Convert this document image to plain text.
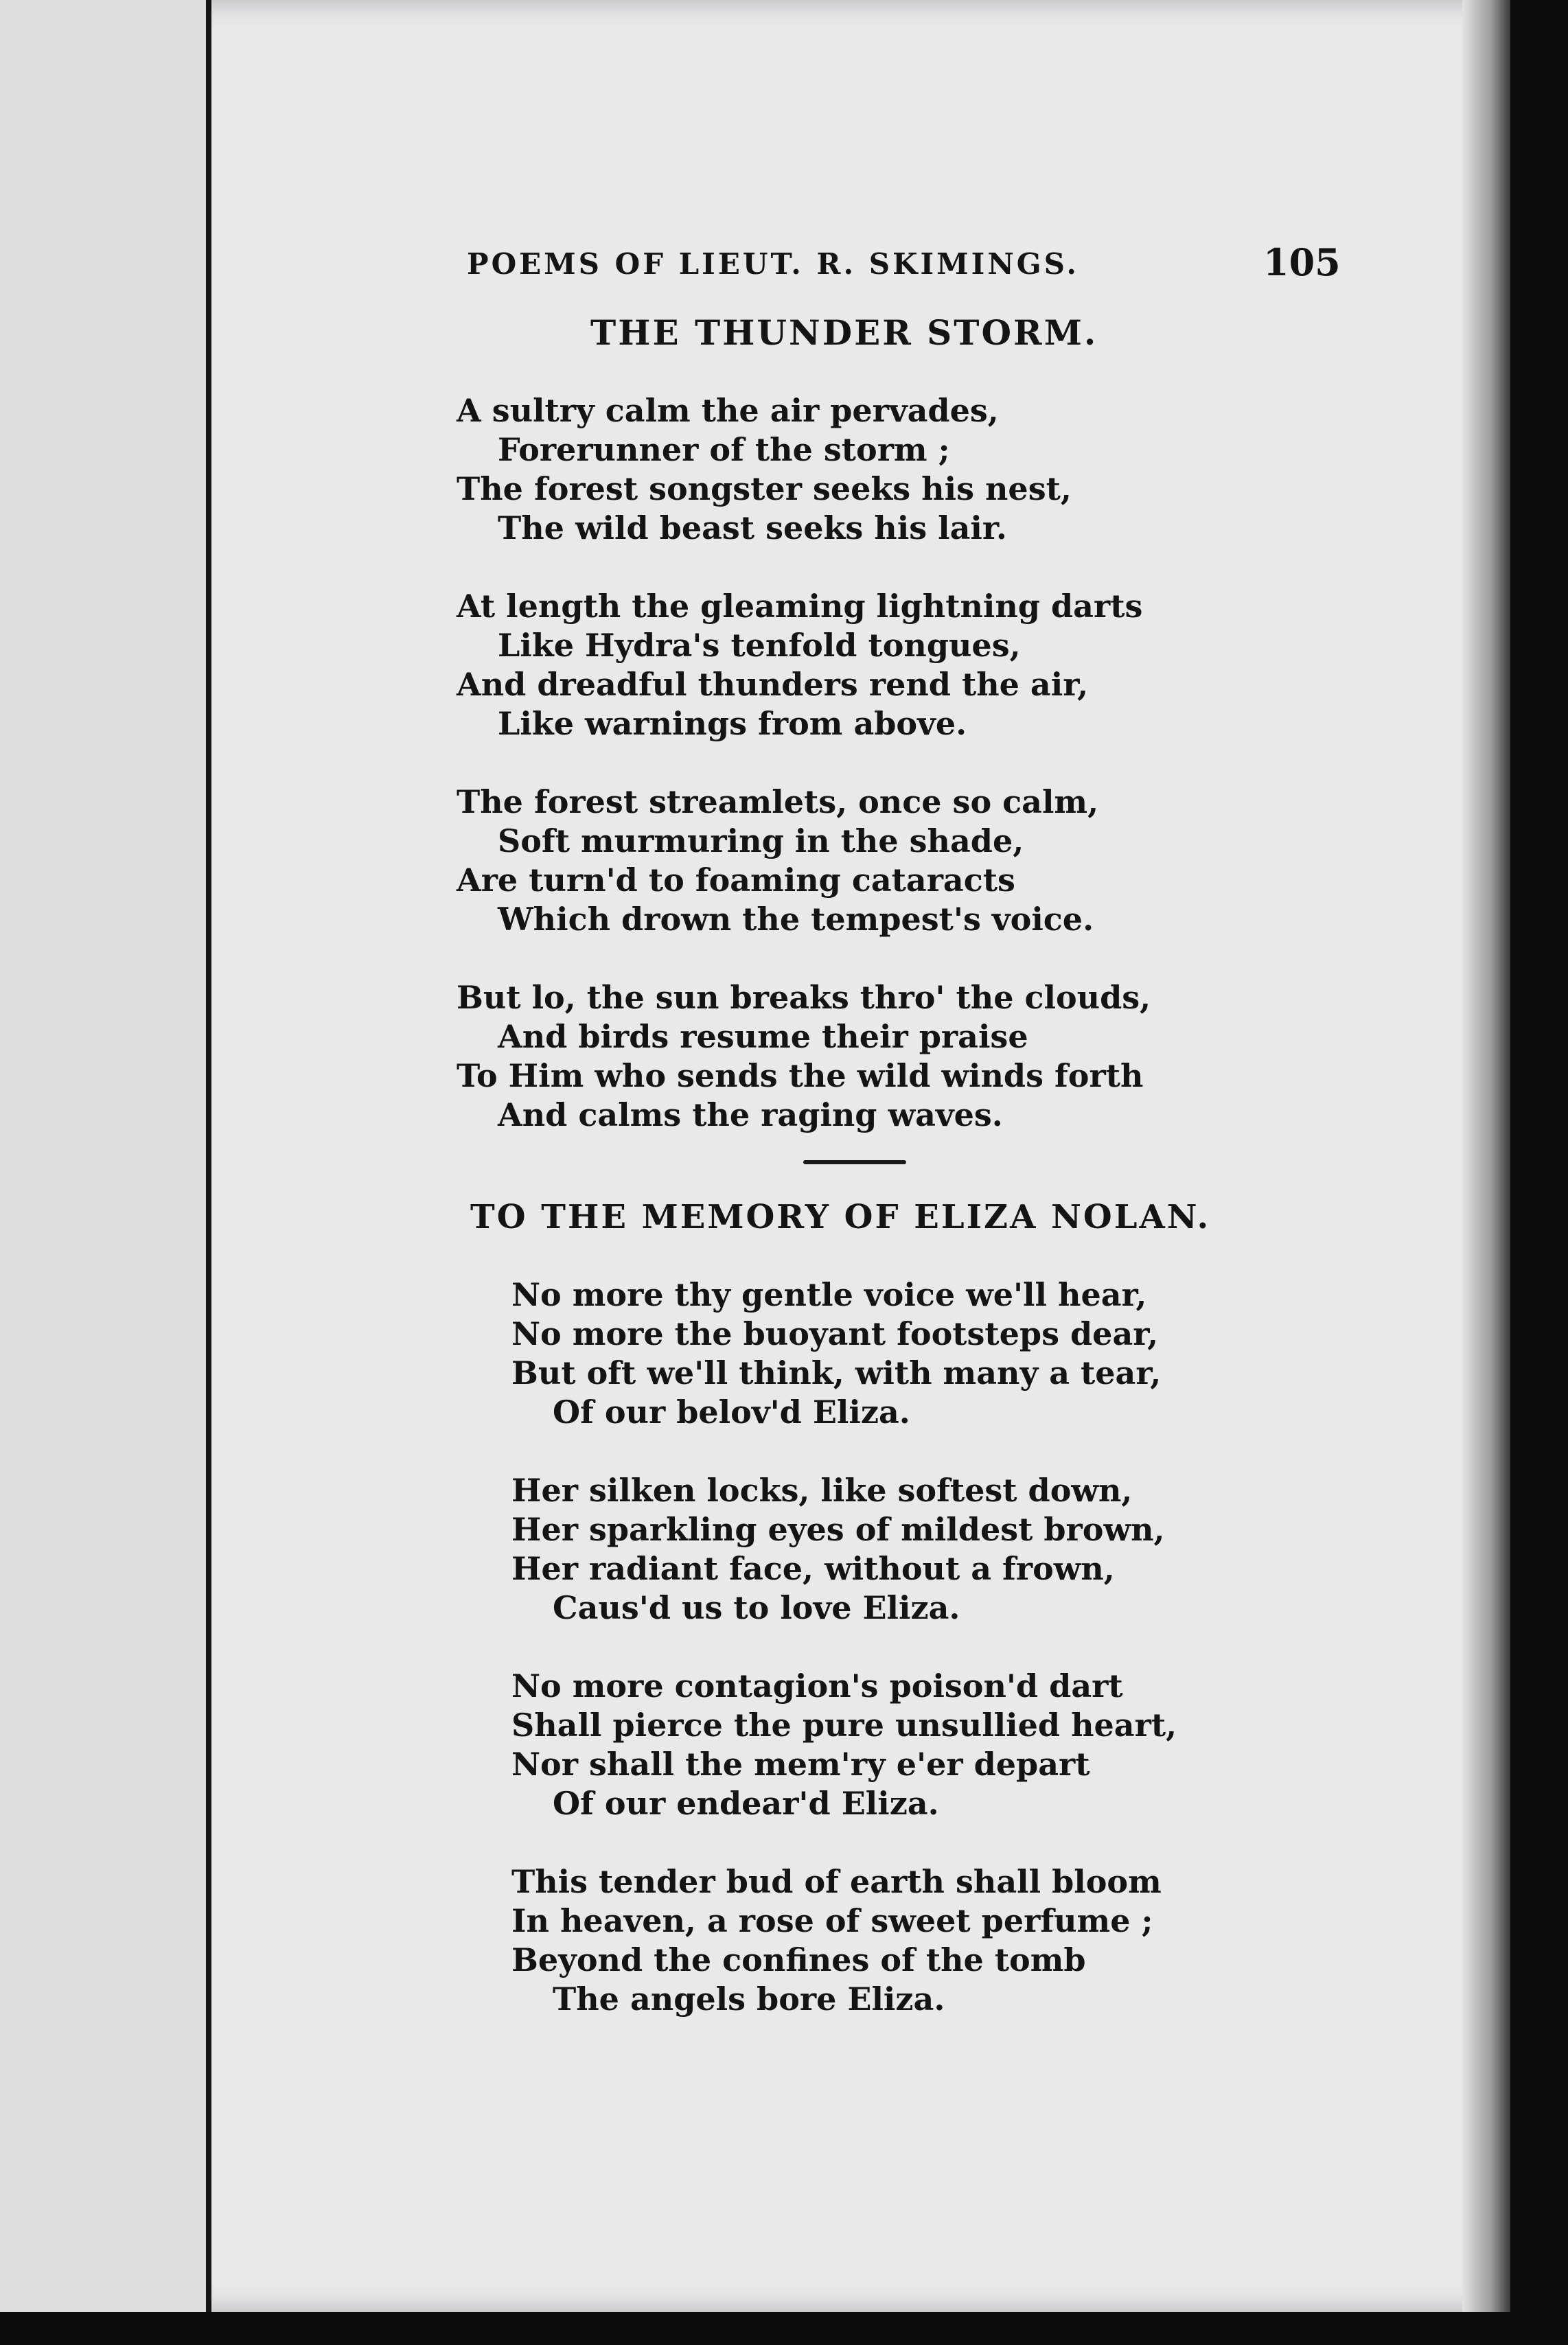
POEMS OF LIEUT. R. SKIMINGS.	105
THE THUNDER STORM.
A sultry calm the air pervades,
Forerunner of the storm ;
The forest songster seeks his nest,
The wild beast seeks his lair.
At length the gleaming lightning darts
Like Hydra's tenfold tongues,
And dreadful thunders rend the air,
Like warnings from above.
The forest streamlets, once so calm,
Soft murmuring in the shade,
Are turn'd to foaming cataracts
Which drown the tempest's voice.
But lo, the sun breaks thro' the clouds,
And birds resume their praise
To Him who sends the wild winds forth
And calms the raging waves.
TO THE MEMORY OF ELIZA NOLAN.
No more thy gentle voice we'll hear,
No more the buoyant footsteps dear,
But oft we'll think, with many a tear,
Of our belov'd Eliza.
Her silken locks, like softest down,
Her sparkling eyes of mildest brown,
Her radiant face, without a frown,
Caus'd us to love Eliza.
No more contagion's poison'd dart
Shall pierce the pure unsullied heart,
Nor shall the mem'ry e'er depart
Of our endear'd Eliza.
This tender bud of earth shall bloom
In heaven, a rose of sweet perfume ;
Beyond the confines of the tomb
The angels bore Eliza.
